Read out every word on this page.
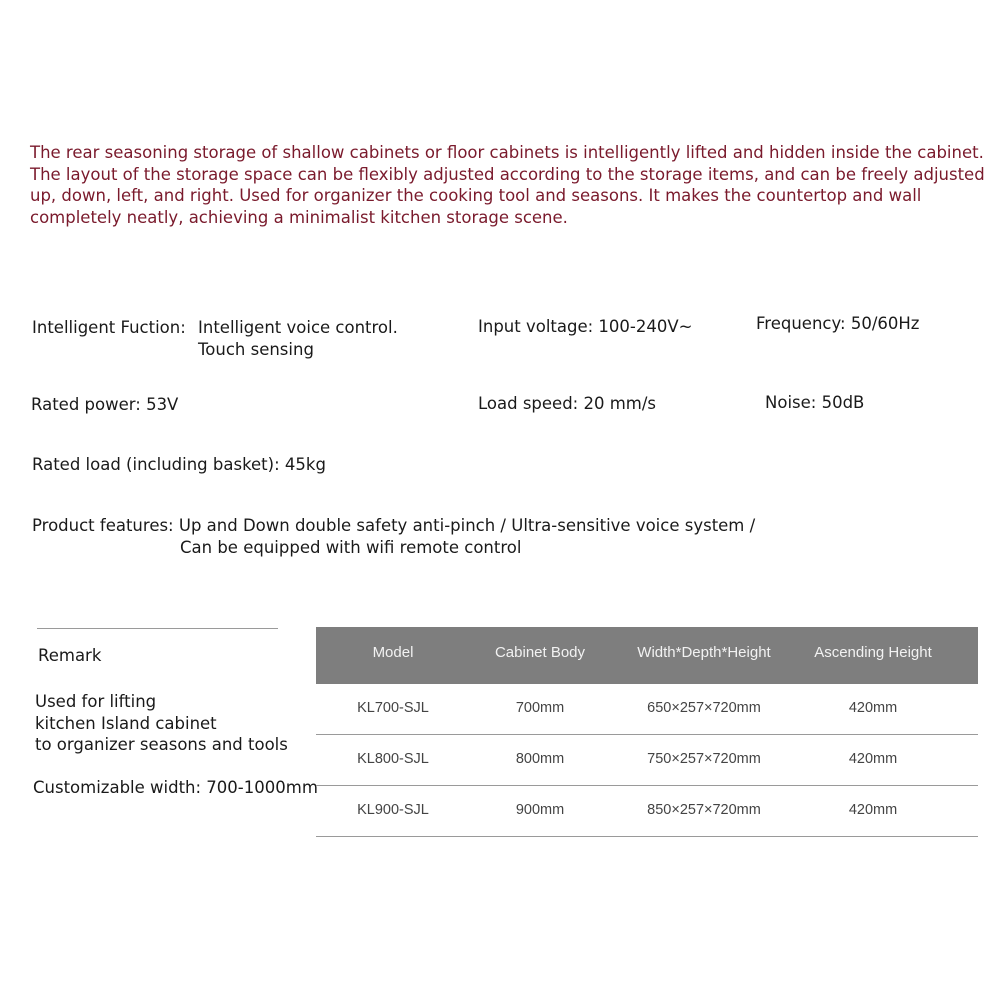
The rear seasoning storage of shallow cabinets or floor cabinets is intelligently lifted and hidden inside the cabinet.

The layout of the storage space can be flexibly adjusted according to the storage items, and can be freely adjusted up, down, left, and right. Used for organizer the cooking tool and seasons. It makes the countertop and wall completely neatly, achieving a minimalist kitchen storage scene.

Intelligent Fuction: Intelligent voice control.
Touch sensing
Input voltage: 100-240V~	Frequency: 50/60Hz
Rated power: 53V	Load speed: 20 mm/s	Noise: 50dB
Rated load (including basket): 45kg
Product features: Up and Down double safety anti-pinch / Ultra-sensitive voice system /
Can be equipped with wifi remote control
Remark
Used for lifting
kitchen Island cabinet
to organizer seasons and tools
Customizable width: 700-1000mm
Model	Cabinet Body	Width*Depth*Height	Ascending Height
KL700-SJL	700mm	650×257×720mm	420mm
KL800-SJL	800mm	750×257×720mm	420mm
KL900-SJL	900mm	850×257×720mm	420mm
